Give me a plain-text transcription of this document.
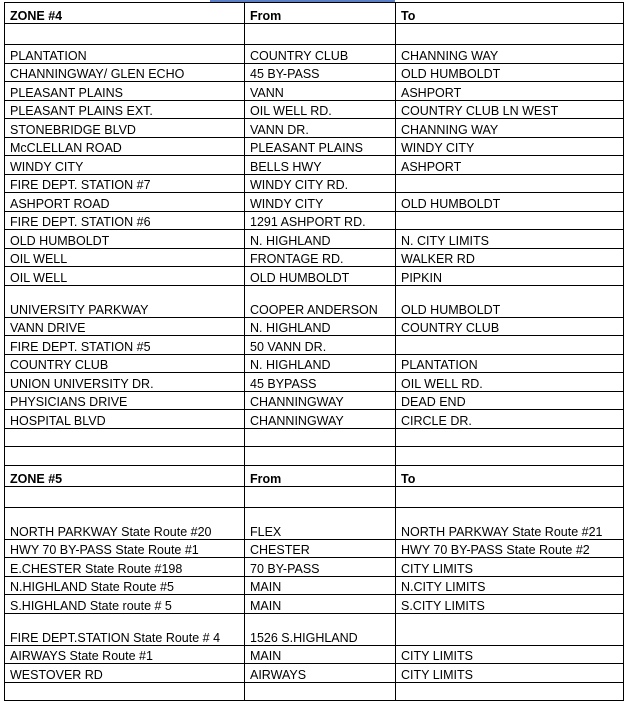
ZONE #4	From	To

PLANTATION	COUNTRY CLUB	CHANNING WAY
CHANNINGWAY/ GLEN ECHO	45 BY-PASS	OLD HUMBOLDT
PLEASANT PLAINS	VANN	ASHPORT
PLEASANT PLAINS EXT.	OIL WELL RD.	COUNTRY CLUB LN WEST
STONEBRIDGE BLVD	VANN DR.	CHANNING WAY
McCLELLAN ROAD	PLEASANT PLAINS	WINDY CITY
WINDY CITY	BELLS HWY	ASHPORT
FIRE DEPT. STATION #7	WINDY CITY RD.	
ASHPORT ROAD	WINDY CITY	OLD HUMBOLDT
FIRE DEPT. STATION #6	1291 ASHPORT RD.	
OLD HUMBOLDT	N. HIGHLAND	N. CITY LIMITS
OIL WELL	FRONTAGE RD.	WALKER RD
OIL WELL	OLD HUMBOLDT	PIPKIN
UNIVERSITY PARKWAY	COOPER ANDERSON	OLD HUMBOLDT
VANN DRIVE	N. HIGHLAND	COUNTRY CLUB
FIRE DEPT. STATION #5	50 VANN DR.	
COUNTRY CLUB	N. HIGHLAND	PLANTATION
UNION UNIVERSITY DR.	45 BYPASS	OIL WELL RD.
PHYSICIANS DRIVE	CHANNINGWAY	DEAD END
HOSPITAL BLVD	CHANNINGWAY	CIRCLE DR.

ZONE #5	From	To

NORTH PARKWAY State Route #20	FLEX	NORTH PARKWAY State Route #21
HWY 70 BY-PASS State Route #1	CHESTER	HWY 70 BY-PASS State Route #2
E.CHESTER State Route #198	70 BY-PASS	CITY LIMITS
N.HIGHLAND State Route #5	MAIN	N.CITY LIMITS
S.HIGHLAND State route # 5	MAIN	S.CITY LIMITS
FIRE DEPT.STATION State Route # 4	1526 S.HIGHLAND	
AIRWAYS State Route #1	MAIN	CITY LIMITS
WESTOVER RD	AIRWAYS	CITY LIMITS
